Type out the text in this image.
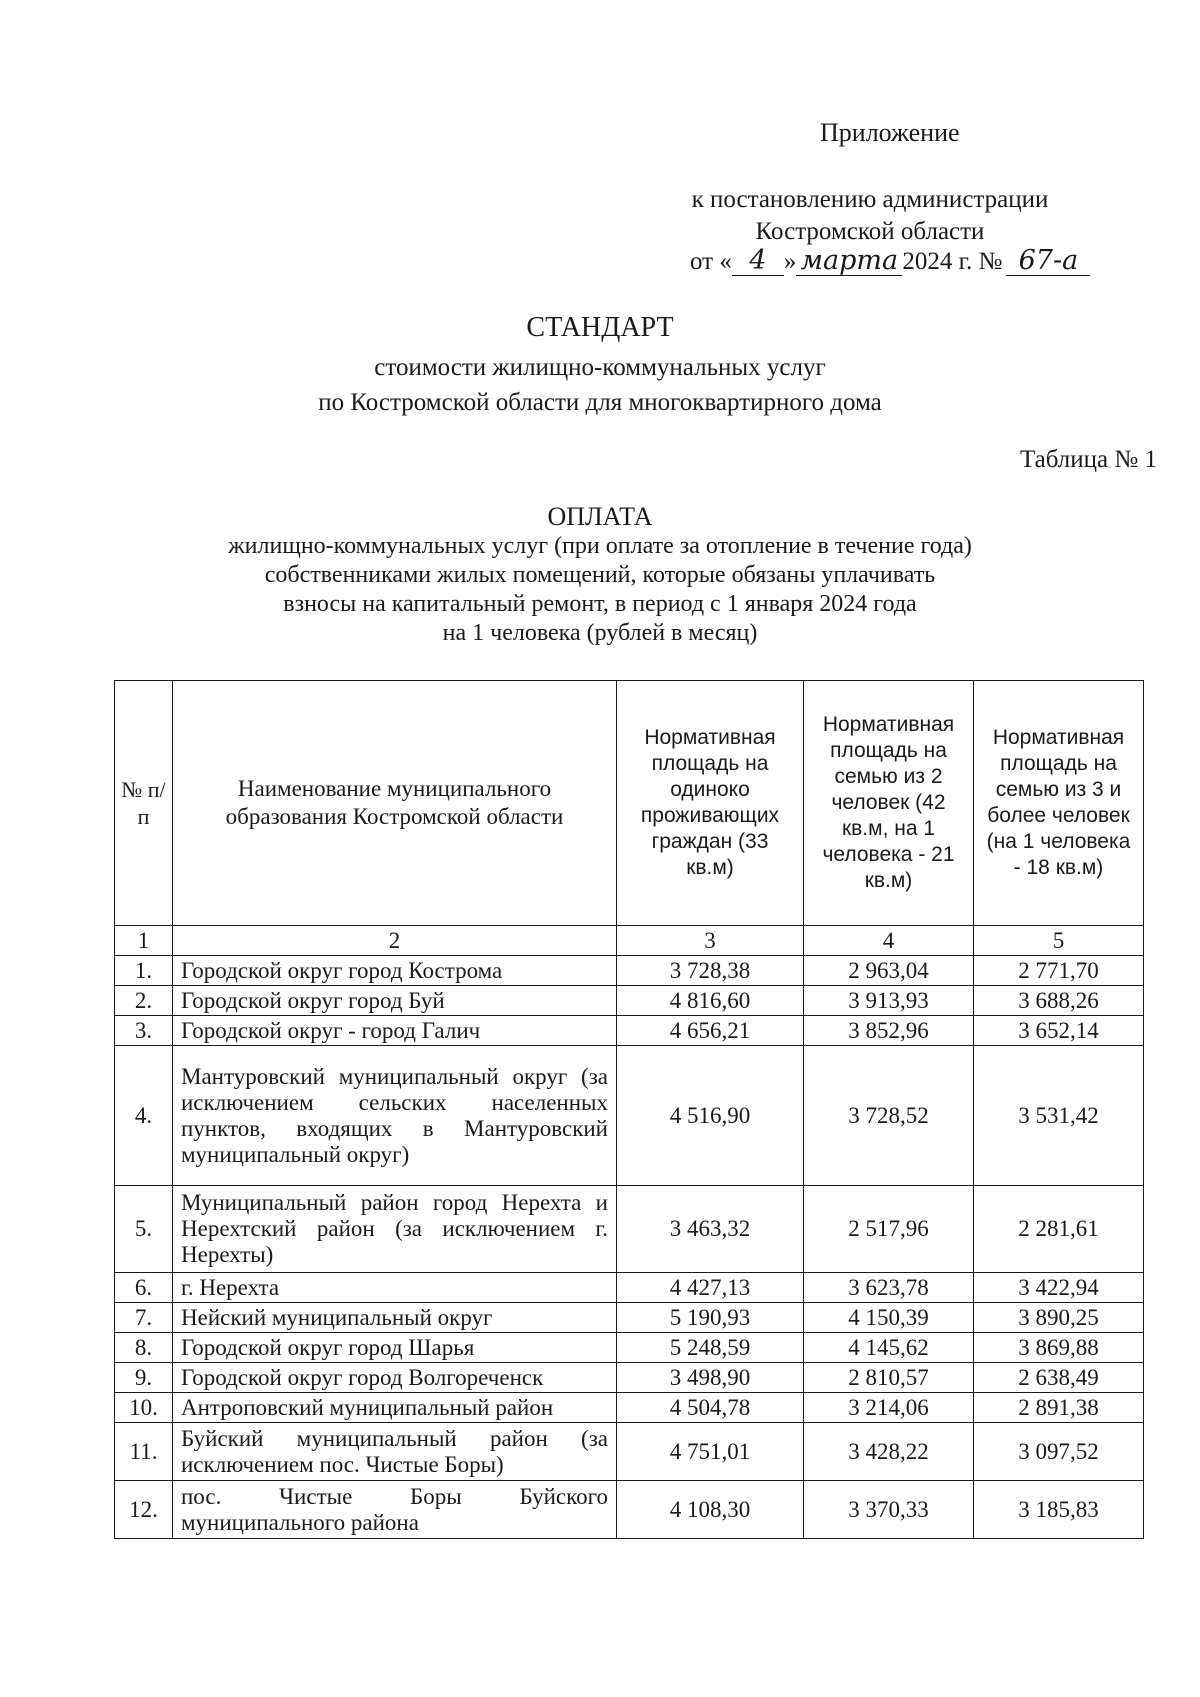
Приложение
к постановлению администрации
Костромской области
от « 4 » марта 2024 г. № 67-а
СТАНДАРТ
стоимости жилищно-коммунальных услуг
по Костромской области для многоквартирного дома
Таблица № 1
ОПЛАТА
жилищно-коммунальных услуг (при оплате за отопление в течение года)
собственниками жилых помещений, которые обязаны уплачивать
взносы на капитальный ремонт, в период с 1 января 2024 года
на 1 человека (рублей в месяц)
№ п/п	Наименование муниципального образования Костромской области	Нормативная площадь на одиноко проживающих граждан (33 кв.м)	Нормативная площадь на семью из 2 человек (42 кв.м, на 1 человека - 21 кв.м)	Нормативная площадь на семью из 3 и более человек (на 1 человека - 18 кв.м)
1	2	3	4	5
1.	Городской округ город Кострома	3 728,38	2 963,04	2 771,70
2.	Городской округ город Буй	4 816,60	3 913,93	3 688,26
3.	Городской округ - город Галич	4 656,21	3 852,96	3 652,14
4.	Мантуровский муниципальный округ (за исключением сельских населенных пунктов, входящих в Мантуровский муниципальный округ)	4 516,90	3 728,52	3 531,42
5.	Муниципальный район город Нерехта и Нерехтский район (за исключением г. Нерехты)	3 463,32	2 517,96	2 281,61
6.	г. Нерехта	4 427,13	3 623,78	3 422,94
7.	Нейский муниципальный округ	5 190,93	4 150,39	3 890,25
8.	Городской округ город Шарья	5 248,59	4 145,62	3 869,88
9.	Городской округ город Волгореченск	3 498,90	2 810,57	2 638,49
10.	Антроповский муниципальный район	4 504,78	3 214,06	2 891,38
11.	Буйский муниципальный район (за исключением пос. Чистые Боры)	4 751,01	3 428,22	3 097,52
12.	пос. Чистые Боры Буйского муниципального района	4 108,30	3 370,33	3 185,83
